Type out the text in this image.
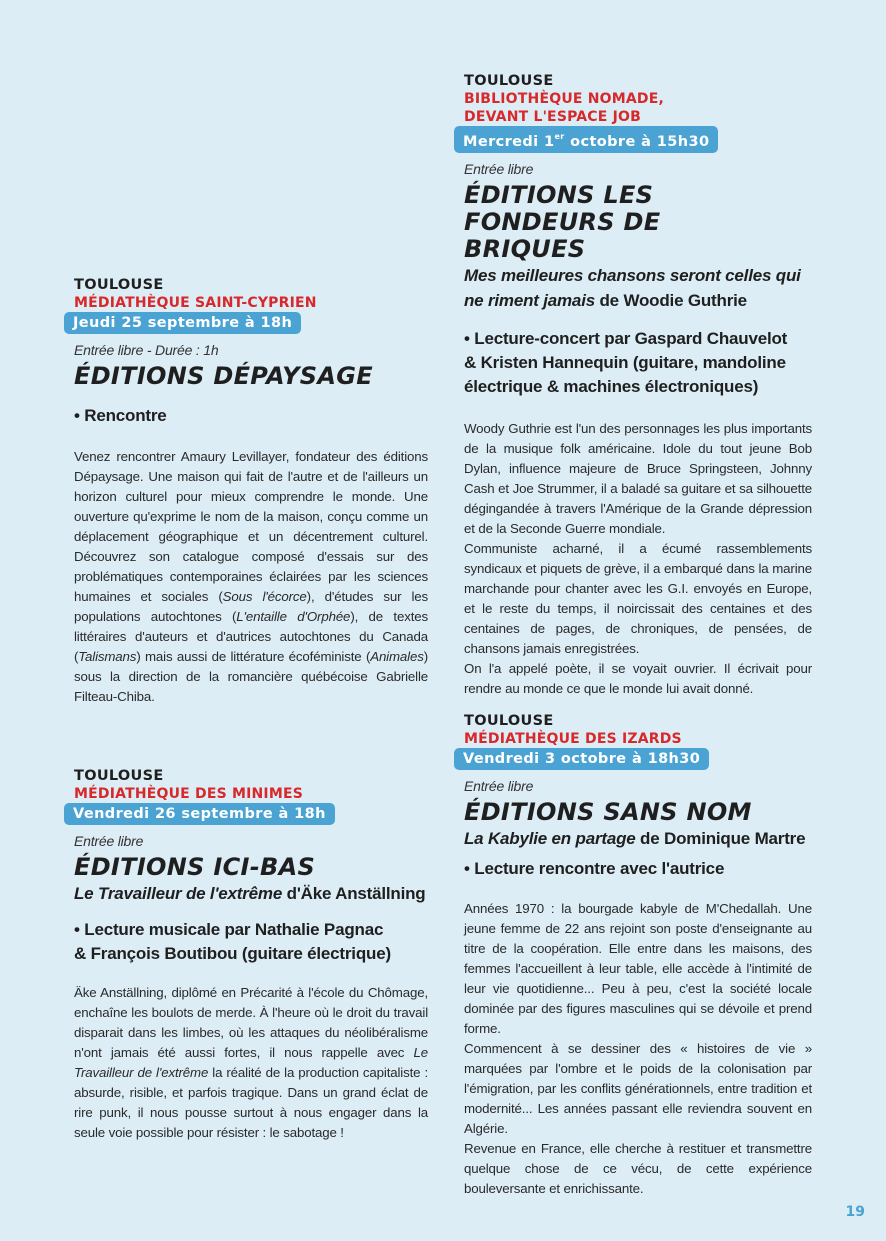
TOULOUSE
MÉDIATHÈQUE SAINT-CYPRIEN
Jeudi 25 septembre à 18h
Entrée libre - Durée : 1h
ÉDITIONS DÉPAYSAGE
• Rencontre

Venez rencontrer Amaury Levillayer, fondateur des éditions Dépaysage. Une maison qui fait de l'autre et de l'ailleurs un horizon culturel pour mieux comprendre le monde. Une ouverture qu'exprime le nom de la maison, conçu comme un déplacement géographique et un décentrement culturel. Découvrez son catalogue composé d'essais sur des problématiques contemporaines éclairées par les sciences humaines et sociales (Sous l'écorce), d'études sur les populations autochtones (L'entaille d'Orphée), de textes littéraires d'auteurs et d'autrices autochtones du Canada (Talismans) mais aussi de littérature écoféministe (Animales) sous la direction de la romancière québécoise Gabrielle Filteau-Chiba.

TOULOUSE
MÉDIATHÈQUE DES MINIMES
Vendredi 26 septembre à 18h
Entrée libre
ÉDITIONS ICI-BAS
Le Travailleur de l'extrême d'Äke Anställning
• Lecture musicale par Nathalie Pagnac
& François Boutibou (guitare électrique)

Äke Anställning, diplômé en Précarité à l'école du Chômage, enchaîne les boulots de merde. À l'heure où le droit du travail disparait dans les limbes, où les attaques du néolibéralisme n'ont jamais été aussi fortes, il nous rappelle avec Le Travailleur de l'extrême la réalité de la production capitaliste : absurde, risible, et parfois tragique. Dans un grand éclat de rire punk, il nous pousse surtout à nous engager dans la seule voie possible pour résister : le sabotage !

TOULOUSE
BIBLIOTHÈQUE NOMADE,
DEVANT L'ESPACE JOB
Mercredi 1er octobre à 15h30
Entrée libre
ÉDITIONS LES FONDEURS DE
BRIQUES
Mes meilleures chansons seront celles qui ne riment jamais de Woodie Guthrie
• Lecture-concert par Gaspard Chauvelot
& Kristen Hannequin (guitare, mandoline
électrique & machines électroniques)

Woody Guthrie est l'un des personnages les plus importants de la musique folk américaine. Idole du tout jeune Bob Dylan, influence majeure de Bruce Springsteen, Johnny Cash et Joe Strummer, il a baladé sa guitare et sa silhouette dégingandée à travers l'Amérique de la Grande dépression et de la Seconde Guerre mondiale.

Communiste acharné, il a écumé rassemblements syndicaux et piquets de grève, il a embarqué dans la marine marchande pour chanter avec les G.I. envoyés en Europe, et le reste du temps, il noircissait des centaines et des centaines de pages, de chroniques, de pensées, de chansons jamais enregistrées.

On l'a appelé poète, il se voyait ouvrier. Il écrivait pour rendre au monde ce que le monde lui avait donné.

TOULOUSE
MÉDIATHÈQUE DES IZARDS
Vendredi 3 octobre à 18h30
Entrée libre
ÉDITIONS SANS NOM
La Kabylie en partage de Dominique Martre
• Lecture rencontre avec l'autrice

Années 1970 : la bourgade kabyle de M'Chedallah. Une jeune femme de 22 ans rejoint son poste d'enseignante au titre de la coopération. Elle entre dans les maisons, des femmes l'accueillent à leur table, elle accède à l'intimité de leur vie quotidienne... Peu à peu, c'est la société locale dominée par des figures masculines qui se dévoile et prend forme.

Commencent à se dessiner des « histoires de vie » marquées par l'ombre et le poids de la colonisation par l'émigration, par les conflits générationnels, entre tradition et modernité... Les années passant elle reviendra souvent en Algérie.

Revenue en France, elle cherche à restituer et transmettre quelque chose de ce vécu, de cette expérience bouleversante et enrichissante.

19
